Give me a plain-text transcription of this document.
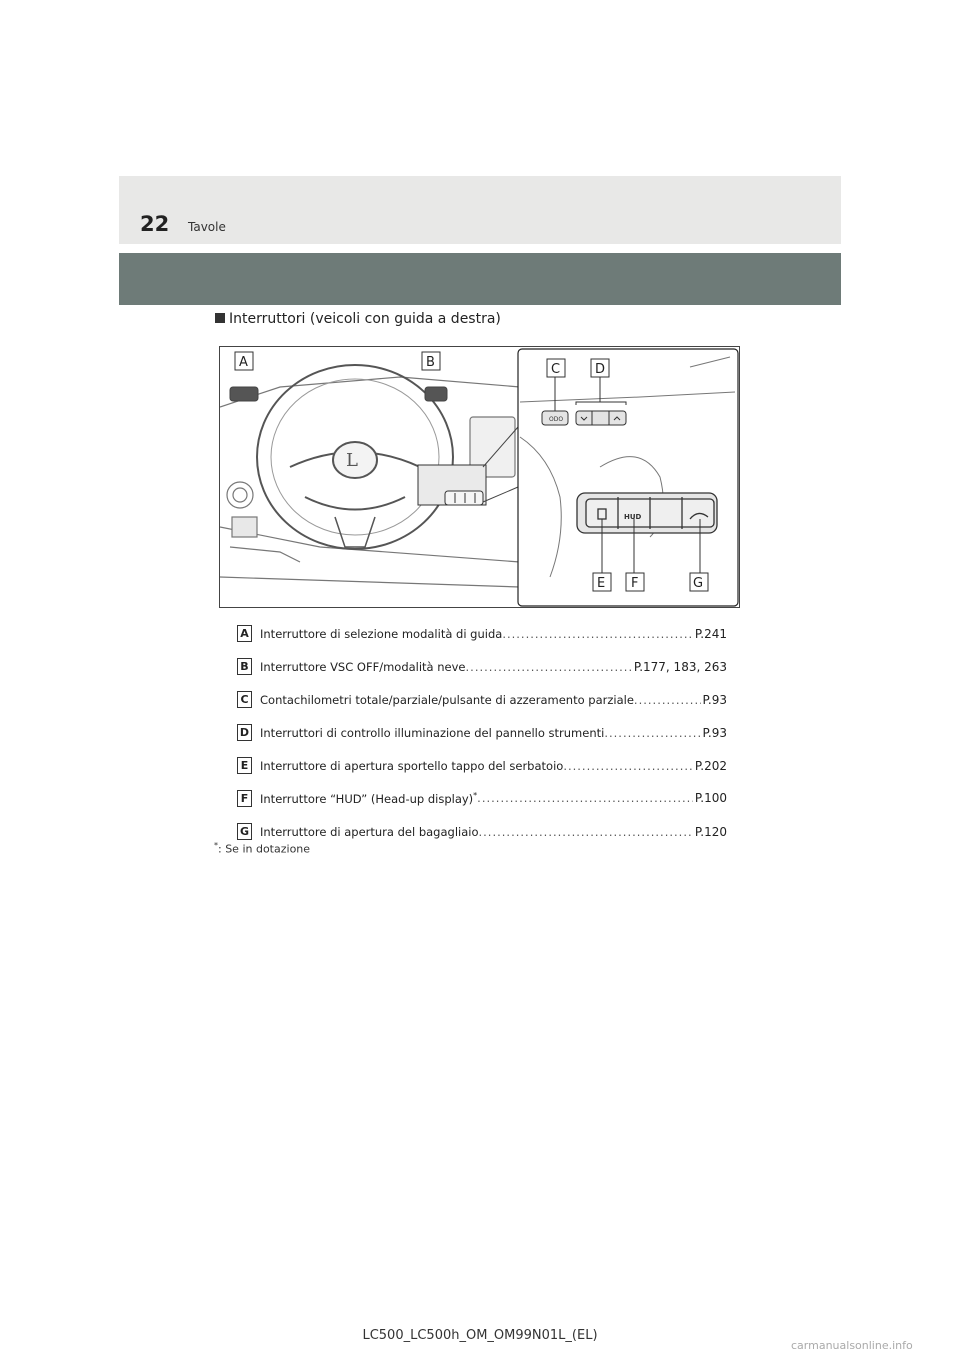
22 Tavole
Interruttori (veicoli con guida a destra)
L
ODO
HUD
A	B	C	D
E F	G
A Interruttore di selezione modalità di guida .....	P.241
B Interruttore VSC OFF/modalità neve .....	P.177, 183, 263
C Contachilometri totale/parziale/pulsante di azzeramento parziale .....	P.93
D Interruttori di controllo illuminazione del pannello strumenti .....	P.93
E	Interruttore di apertura sportello tappo del serbatoio .....	P.202
F	Interruttore “HUD” (Head-up display)* .....	P.100
G Interruttore di apertura del bagagliaio .....	P.120
*: Se in dotazione
LC500_LC500h_OM_OM99N01L_(EL)
carmanualsonline.info
